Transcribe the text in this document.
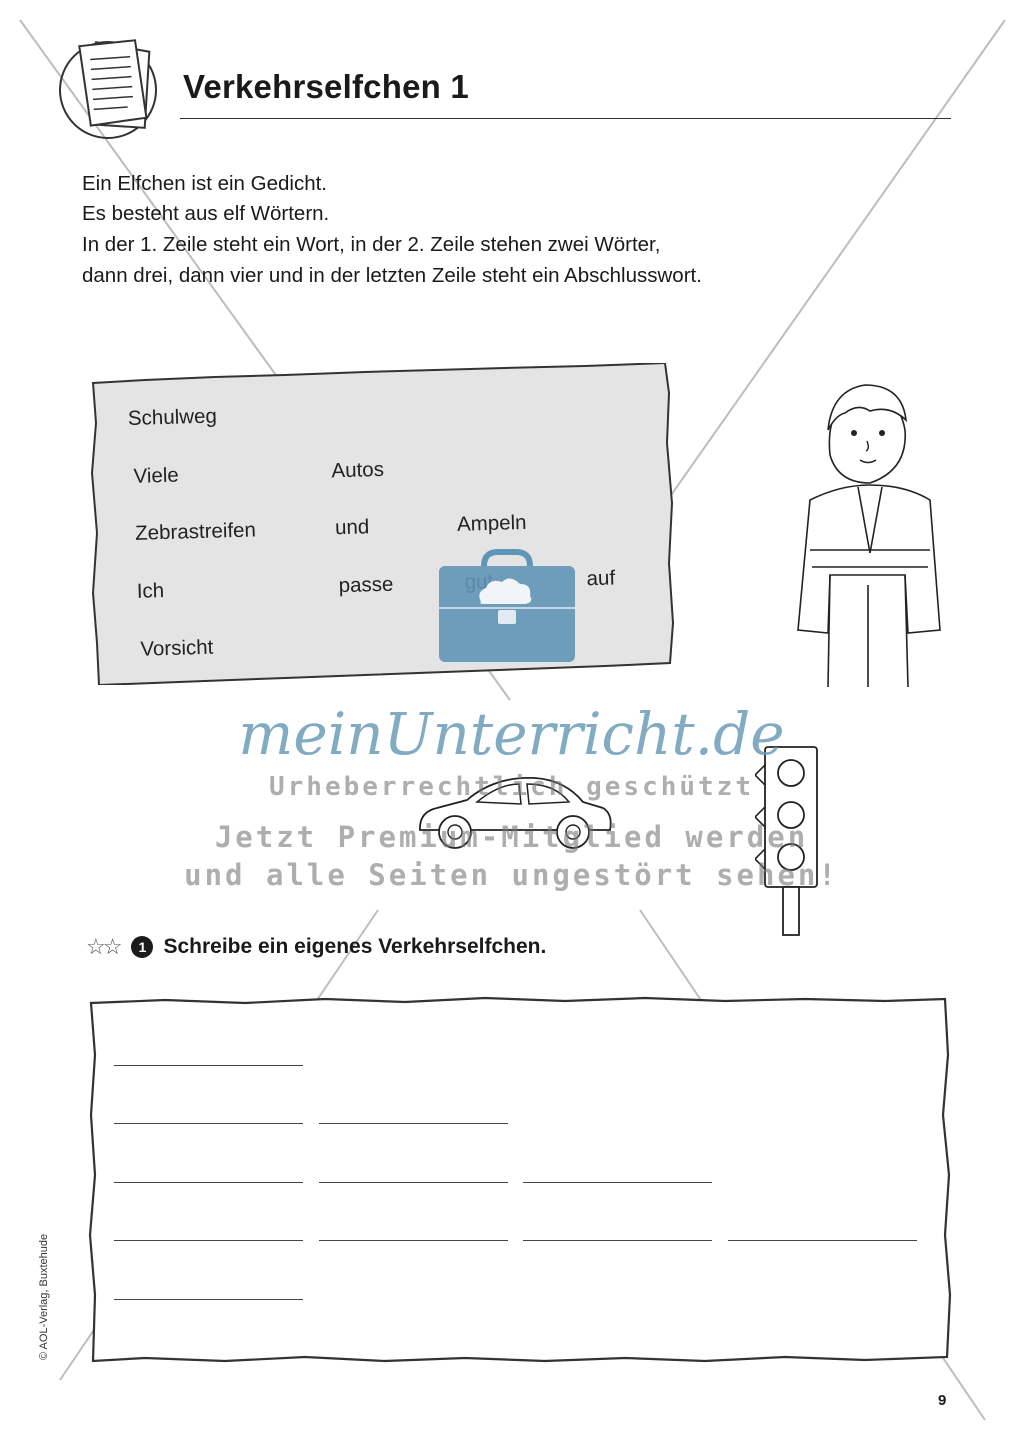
Verkehrselfchen 1
Ein Elfchen ist ein Gedicht.
Es besteht aus elf Wörtern.
In der 1. Zeile steht ein Wort, in der 2. Zeile stehen zwei Wörter,
dann drei, dann vier und in der letzten Zeile steht ein Abschlusswort.
Schulweg
Viele	Autos
Zebrastreifen	und	Ampeln
Ich	passe	auf
Vorsicht
meinUnterricht.de
Urheberrechtlich geschützt
Jetzt Premium-Mitglied werden
und alle Seiten ungestört sehen!
☆☆	1 Schreibe ein eigenes Verkehrselfchen.
© AOL-Verlag, Buxtehude
9
